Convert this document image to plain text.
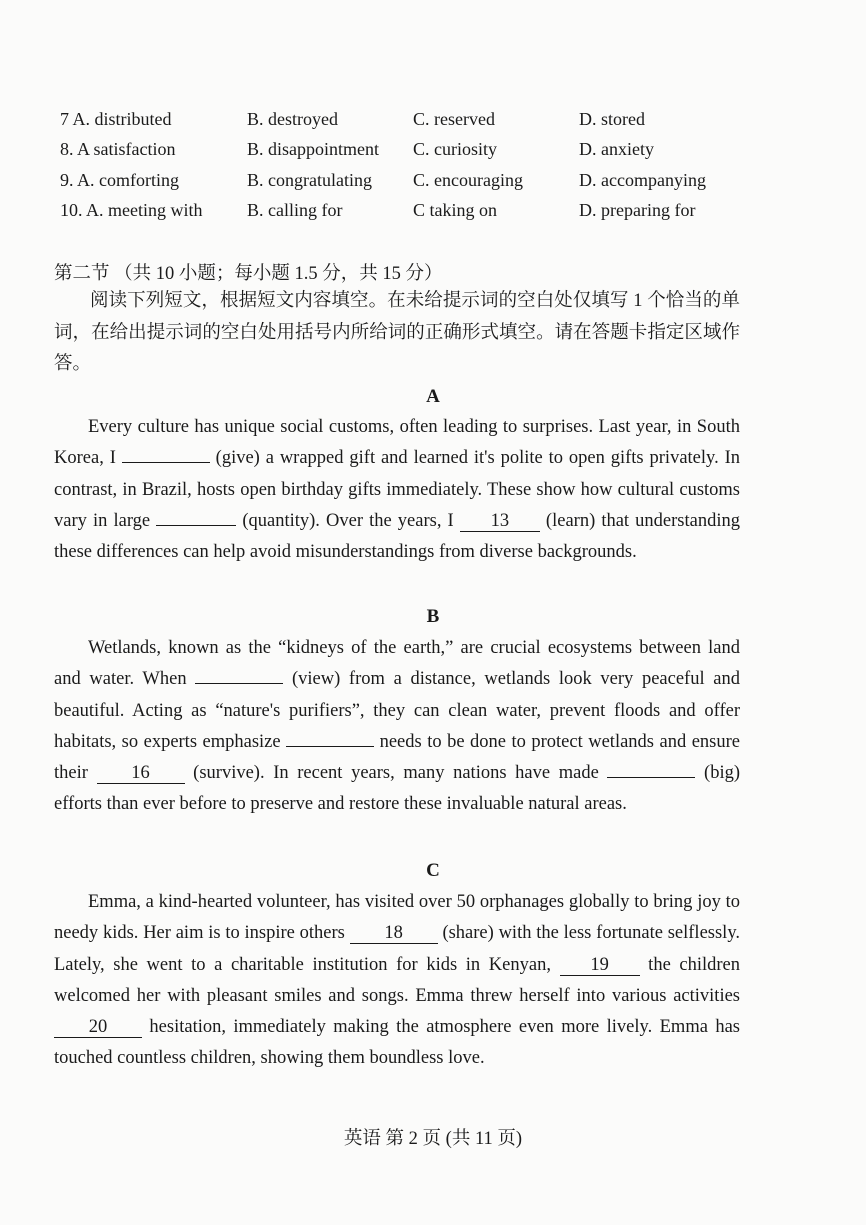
7 A. distributed	B. destroyed	C. reserved	D. stored
8. A satisfaction	B. disappointment	C. curiosity	D. anxiety
9. A. comforting	B. congratulating	C. encouraging	D. accompanying
10. A. meeting with	B. calling for	C taking on	D. preparing for
第二节 （共 10 小题；每小题 1.5 分，共 15 分）
阅读下列短文，根据短文内容填空。在未给提示词的空白处仅填写 1 个恰当的单词，在给出提示词的空白处用括号内所给词的正确形式填空。请在答题卡指定区域作答。
A
Every culture has unique social customs, often leading to surprises. Last year, in South Korea, I	(give) a wrapped gift and learned it's polite to open gifts privately. In contrast, in Brazil, hosts open birthday gifts immediately. These show how cultural customs vary in large	(quantity). Over the years, I 13 (learn) that understanding these differences can help avoid misunderstandings from diverse backgrounds.
B
Wetlands, known as the “kidneys of the earth,” are crucial ecosystems between land and water. When	(view) from a distance, wetlands look very peaceful and beautiful. Acting as “nature's purifiers”, they can clean water, prevent floods and offer habitats, so experts emphasize	needs to be done to protect wetlands and ensure their 16 (survive). In recent years, many nations have made	(big) efforts than ever before to preserve and restore these invaluable natural areas.
C
Emma, a kind-hearted volunteer, has visited over 50 orphanages globally to bring joy to needy kids. Her aim is to inspire others 18 (share) with the less fortunate selflessly. Lately, she went to a charitable institution for kids in Kenyan, 19 the children welcomed her with pleasant smiles and songs. Emma threw herself into various activities 20 hesitation, immediately making the atmosphere even more lively. Emma has touched countless children, showing them boundless love.
英语 第 2 页 (共 11 页)
